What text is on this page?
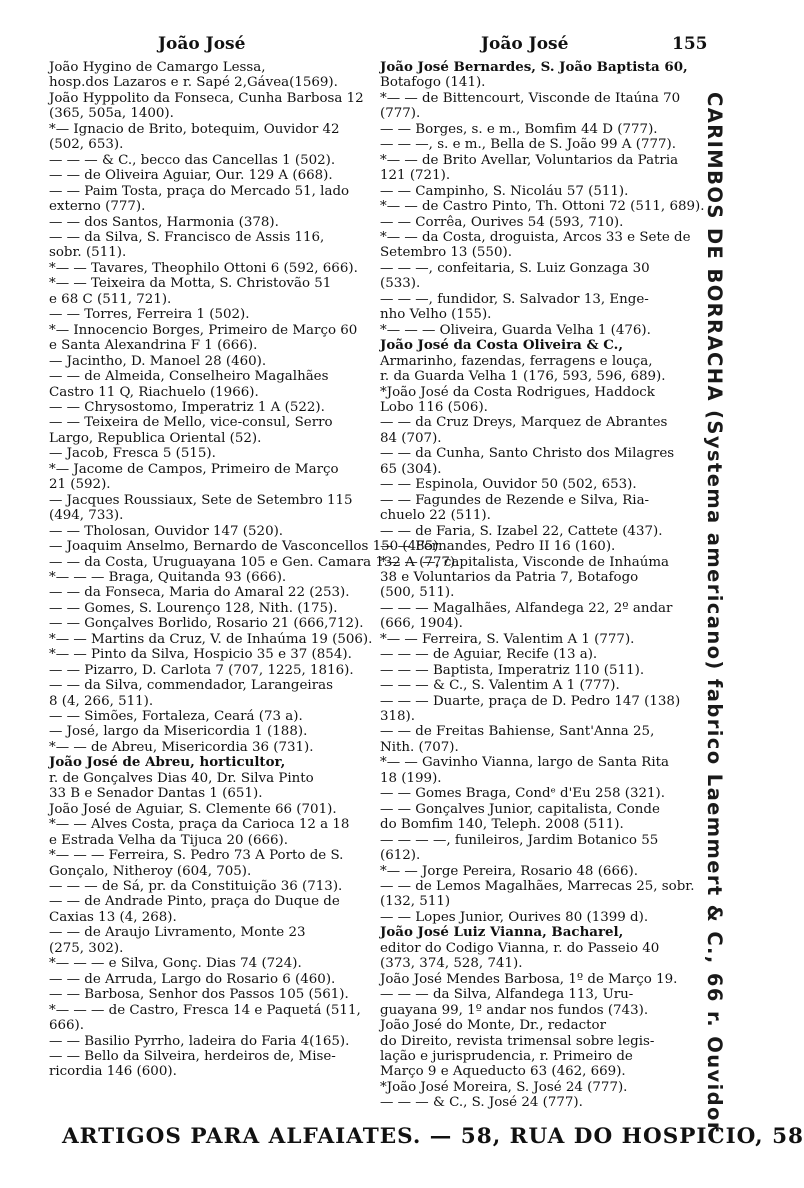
João José	João José	155
João Hygino de Camargo Lessa,
hosp.dos Lazaros e r. Sapé 2,Gávea(1569).
João Hyppolito da Fonseca, Cunha Barbosa 12
(365, 505a, 1400).
*— Ignacio de Brito, botequim, Ouvidor 42
(502, 653).
— — — & C., becco das Cancellas 1 (502).
— — de Oliveira Aguiar, Our. 129 A (668).
— — Paim Tosta, praça do Mercado 51, lado
externo (777).
— — dos Santos, Harmonia (378).
— — da Silva, S. Francisco de Assis 116,
sobr. (511).
*— — Tavares, Theophilo Ottoni 6 (592, 666).
*— — Teixeira da Motta, S. Christovão 51
e 68 C (511, 721).
— — Torres, Ferreira 1 (502).
*— Innocencio Borges, Primeiro de Março 60
e Santa Alexandrina F 1 (666).
— Jacintho, D. Manoel 28 (460).
— — de Almeida, Conselheiro Magalhães
Castro 11 Q, Riachuelo (1966).
— — Chrysostomo, Imperatriz 1 A (522).
— — Teixeira de Mello, vice-consul, Serro
Largo, Republica Oriental (52).
— Jacob, Fresca 5 (515).
*— Jacome de Campos, Primeiro de Março
21 (592).
— Jacques Roussiaux, Sete de Setembro 115
(494, 733).
— — Tholosan, Ouvidor 147 (520).
— Joaquim Anselmo, Bernardo de Vasconcellos 150 (485).
— — da Costa, Uruguayana 105 e Gen. Camara 132 A (777).
*— — — Braga, Quitanda 93 (666).
— — da Fonseca, Maria do Amaral 22 (253).
— — Gomes, S. Lourenço 128, Nith. (175).
— — Gonçalves Borlido, Rosario 21 (666,712).
*— — Martins da Cruz, V. de Inhaúma 19 (506).
*— — Pinto da Silva, Hospicio 35 e 37 (854).
— — Pizarro, D. Carlota 7 (707, 1225, 1816).
— — da Silva, commendador, Larangeiras
8 (4, 266, 511).
— — Simões, Fortaleza, Ceará (73 a).
— José, largo da Misericordia 1 (188).
*— — de Abreu, Misericordia 36 (731).
João José de Abreu, horticultor,
r. de Gonçalves Dias 40, Dr. Silva Pinto
33 B e Senador Dantas 1 (651).
João José de Aguiar, S. Clemente 66 (701).
*— — Alves Costa, praça da Carioca 12 a 18
e Estrada Velha da Tijuca 20 (666).
*— — — Ferreira, S. Pedro 73 A Porto de S.
Gonçalo, Nitheroy (604, 705).
— — — de Sá, pr. da Constituição 36 (713).
— — de Andrade Pinto, praça do Duque de
Caxias 13 (4, 268).
— — de Araujo Livramento, Monte 23
(275, 302).
*— — — e Silva, Gonç. Dias 74 (724).
— — de Arruda, Largo do Rosario 6 (460).
— — Barbosa, Senhor dos Passos 105 (561).
*— — — de Castro, Fresca 14 e Paquetá (511,
666).
— — Basilio Pyrrho, ladeira do Faria 4(165).
— — Bello da Silveira, herdeiros de, Mise-
ricordia 146 (600).
João José Bernardes, S. João Baptista 60,
Botafogo (141).
*— — de Bittencourt, Visconde de Itaúna 70
(777).
— — Borges, s. e m., Bomfim 44 D (777).
— — —, s. e m., Bella de S. João 99 A (777).
*— — de Brito Avellar, Voluntarios da Patria
121 (721).
— — Campinho, S. Nicoláu 57 (511).
*— — de Castro Pinto, Th. Ottoni 72 (511, 689).
— — Corrêa, Ourives 54 (593, 710).
*— — da Costa, droguista, Arcos 33 e Sete de
Setembro 13 (550).
— — —, confeitaria, S. Luiz Gonzaga 30
(533).
— — —, fundidor, S. Salvador 13, Enge-
nho Velho (155).
*— — — Oliveira, Guarda Velha 1 (476).
João José da Costa Oliveira & C.,
Armarinho, fazendas, ferragens e louça,
r. da Guarda Velha 1 (176, 593, 596, 689).
*João José da Costa Rodrigues, Haddock
Lobo 116 (506).
— — da Cruz Dreys, Marquez de Abrantes
84 (707).
— — da Cunha, Santo Christo dos Milagres
65 (304).
— — Espinola, Ouvidor 50 (502, 653).
— — Fagundes de Rezende e Silva, Ria-
chuelo 22 (511).
— — de Faria, S. Izabel 22, Cattete (437).
— — Fernandes, Pedro II 16 (160).
*— — —, capitalista, Visconde de Inhaúma
38 e Voluntarios da Patria 7, Botafogo
(500, 511).
— — — Magalhães, Alfandega 22, 2º andar
(666, 1904).
*— — Ferreira, S. Valentim A 1 (777).
— — — de Aguiar, Recife (13 a).
— — — Baptista, Imperatriz 110 (511).
— — — & C., S. Valentim A 1 (777).
— — — Duarte, praça de D. Pedro 147 (138)
318).
— — de Freitas Bahiense, Sant'Anna 25,
Nith. (707).
*— — Gavinho Vianna, largo de Santa Rita
18 (199).
— — Gomes Braga, Condᵉ d'Eu 258 (321).
— — Gonçalves Junior, capitalista, Conde
do Bomfim 140, Teleph. 2008 (511).
— — — —, funileiros, Jardim Botanico 55
(612).
*— — Jorge Pereira, Rosario 48 (666).
— — de Lemos Magalhães, Marrecas 25, sobr.
(132, 511)
— — Lopes Junior, Ourives 80 (1399 d).
João José Luiz Vianna, Bacharel,
editor do Codigo Vianna, r. do Passeio 40
(373, 374, 528, 741).
João José Mendes Barbosa, 1º de Março 19.
— — — da Silva, Alfandega 113, Uru-
guayana 99, 1º andar nos fundos (743).
João José do Monte, Dr., redactor
do Direito, revista trimensal sobre legis-
lação e jurisprudencia, r. Primeiro de
Março 9 e Aqueducto 63 (462, 669).
*João José Moreira, S. José 24 (777).
— — — & C., S. José 24 (777).	CARIMBOS DE BORRACHA (Systema americano) fabrico Laemmert & C., 66 r. Ouvidor
ARTIGOS PARA ALFAIATES. — 58, RUA DO HOSPICIO, 58
